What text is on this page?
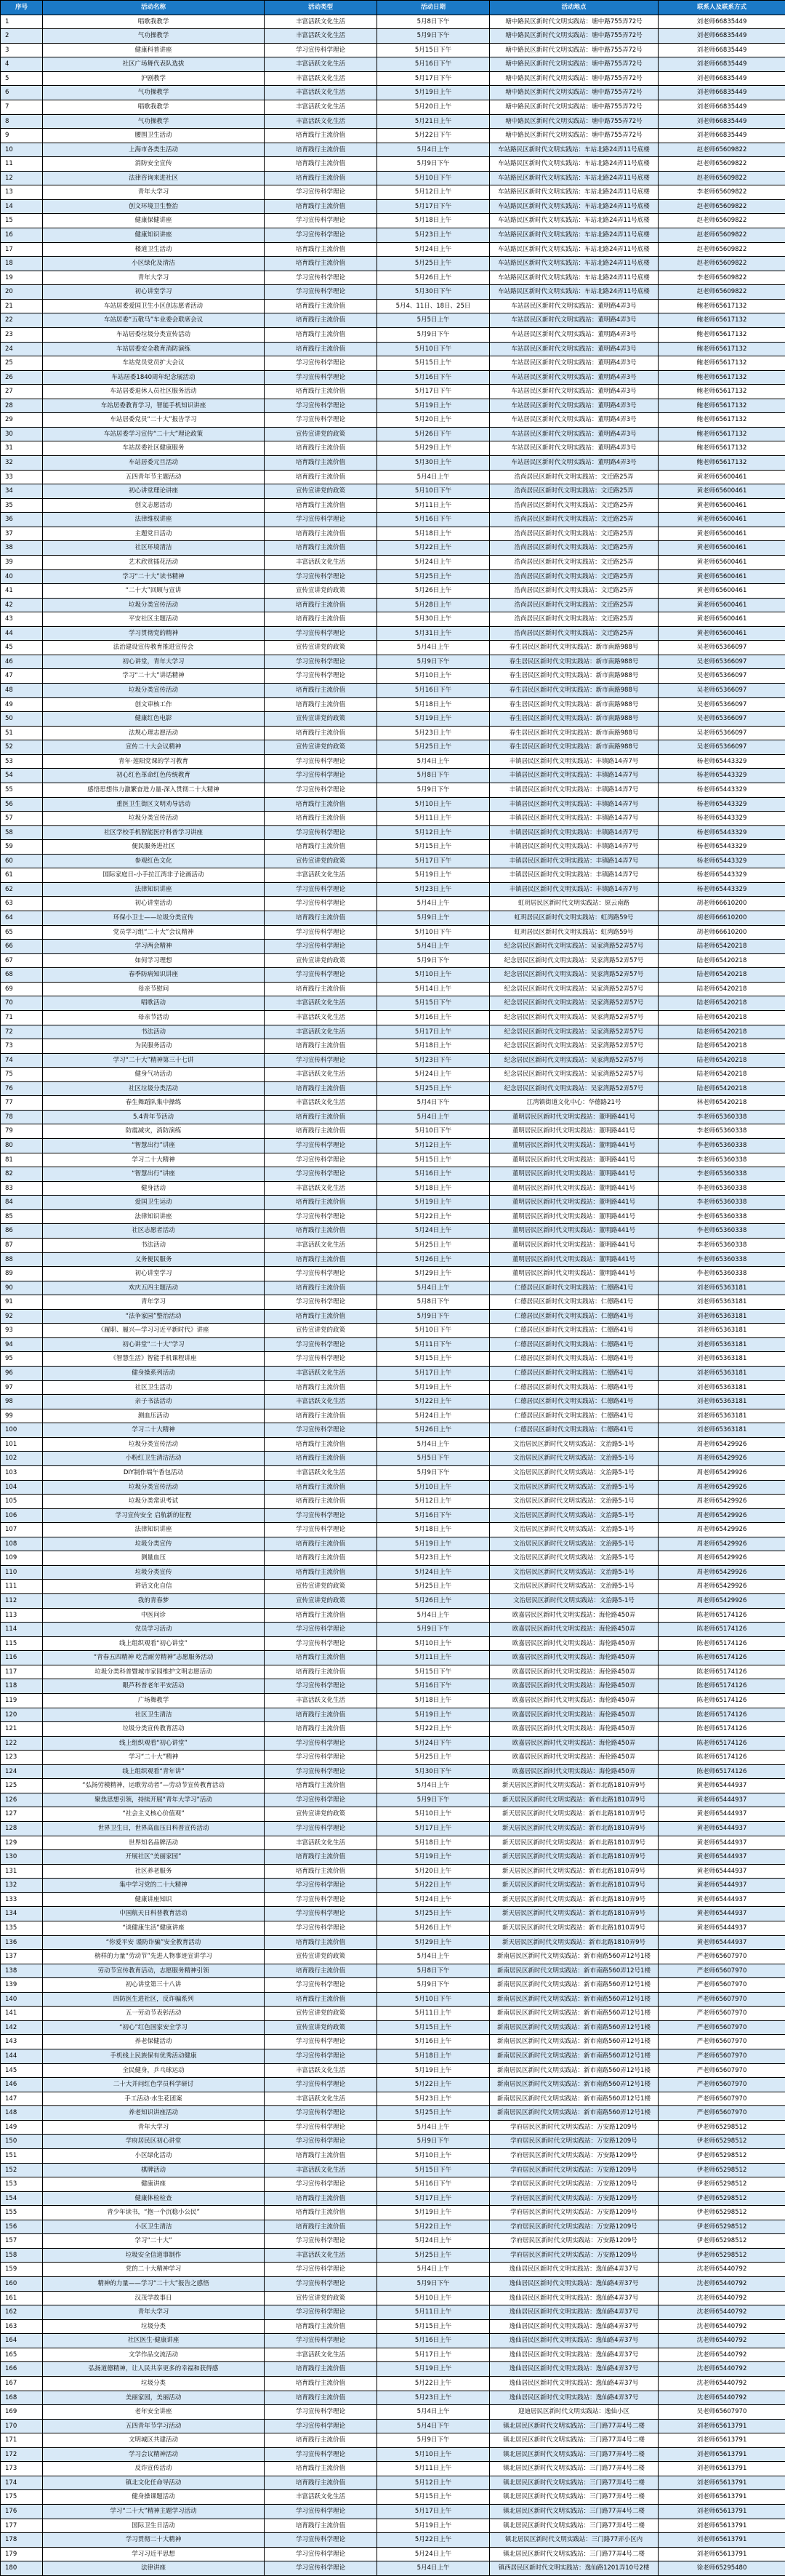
序号	活动名称	活动类型	活动日期	活动地点	联系人及联系方式
1	唱歌我教学	丰富活跃文化生活	5月8日下午	塘中路民区新时代文明实践站：塘中路755弄72号	刘老师66835449
2	气功操教学	丰富活跃文化生活	5月9日下午	塘中路民区新时代文明实践站：塘中路755弄72号	刘老师66835449
3	健康科普讲座	学习宣传科学理论	5月15日下午	塘中路民区新时代文明实践站：塘中路755弄72号	刘老师66835449
4	社区广场舞代表队选拔	丰富活跃文化生活	5月16日下午	塘中路民区新时代文明实践站：塘中路755弄72号	刘老师66835449
5	沪剧教学	丰富活跃文化生活	5月17日下午	塘中路民区新时代文明实践站：塘中路755弄72号	刘老师66835449
6	气功操教学	丰富活跃文化生活	5月19日上午	塘中路民区新时代文明实践站：塘中路755弄72号	刘老师66835449
7	唱歌我教学	丰富活跃文化生活	5月20日上午	塘中路民区新时代文明实践站：塘中路755弄72号	刘老师66835449
8	气功操教学	丰富活跃文化生活	5月21日上午	塘中路民区新时代文明实践站：塘中路755弄72号	刘老师66835449
9	腰围卫生活动	培育践行主流价值	5月22日下午	塘中路民区新时代文明实践站：塘中路755弄72号	刘老师66835449
10	上海市各类生活动	培育践行主流价值	5月4日上午	车站路民区新时代文明实践站：车站北路24弄11号底楼	赵老师65609822
11	消防安全宣传	培育践行主流价值	5月9日下午	车站路民区新时代文明实践站：车站北路24弄11号底楼	赵老师65609822
12	法律咨询来进社区	培育践行主流价值	5月10日下午	车站路民区新时代文明实践站：车站北路24弄11号底楼	赵老师65609822
13	青年大学习	学习宣传科学理论	5月12日上午	车站路民区新时代文明实践站：车站北路24弄11号底楼	李老师65609822
14	创文环境卫生整治	培育践行主流价值	5月17日下午	车站路民区新时代文明实践站：车站北路24弄11号底楼	赵老师65609822
15	健康保健讲座	学习宣传科学理论	5月18日上午	车站路民区新时代文明实践站：车站北路24弄11号底楼	赵老师65609822
16	健康知识讲座	学习宣传科学理论	5月23日上午	车站路民区新时代文明实践站：车站北路24弄11号底楼	赵老师65609822
17	楼道卫生活动	培育践行主流价值	5月24日上午	车站路民区新时代文明实践站：车站北路24弄11号底楼	赵老师65609822
18	小区绿化及清洁	培育践行主流价值	5月25日上午	车站路民区新时代文明实践站：车站北路24弄11号底楼	赵老师65609822
19	青年大学习	学习宣传科学理论	5月26日上午	车站路民区新时代文明实践站：车站北路24弄11号底楼	李老师65609822
20	初心讲堂学习	学习宣传科学理论	5月30日下午	车站路民区新时代文明实践站：车站北路24弄11号底楼	赵老师65609822
21	车站居委爱国卫生小区创志愿者活动	培育践行主流价值	5月4、11日、18日、25日	车站居民区新时代文明实践站：董明路4弄3号	鲍老师65617132
22	车站居委“五敬马”车业委会联席会议	培育践行主流价值	5月5日上午	车站居民区新时代文明实践站：董明路4弄3号	鲍老师65617132
23	车站居委垃圾分类宣传活动	培育践行主流价值	5月9日下午	车站居民区新时代文明实践站：董明路4弄3号	鲍老师65617132
24	车站居委安全教育消防演练	培育践行主流价值	5月10日下午	车站居民区新时代文明实践站：董明路4弄3号	鲍老师65617132
25	车站党员党员扩大会议	学习宣传科学理论	5月15日上午	车站居民区新时代文明实践站：董明路4弄3号	鲍老师65617132
26	车站居委1840周年纪念展活动	学习宣传科学理论	5月16日下午	车站居民区新时代文明实践站：董明路4弄3号	鲍老师65617132
27	车站居委退休人员社区服务活动	培育践行主流价值	5月17日下午	车站居民区新时代文明实践站：董明路4弄3号	鲍老师65617132
28	车站居委教育学习，智能手机知识讲座	学习宣传科学理论	5月19日上午	车站居民区新时代文明实践站：董明路4弄3号	鲍老师65617132
29	车站居委党员“二十大”报告学习	学习宣传科学理论	5月20日上午	车站居民区新时代文明实践站：董明路4弄3号	鲍老师65617132
30	车站居委学习宣传“二十大”理论政策	宣传宣讲党的政策	5月26日下午	车站居民区新时代文明实践站：董明路4弄3号	鲍老师65617132
31	车站居委社区健康服务	培育践行主流价值	5月29日上午	车站居民区新时代文明实践站：董明路4弄3号	鲍老师65617132
32	车站居委元旦活动	培育践行主流价值	5月30日上午	车站居民区新时代文明实践站：董明路4弄3号	鲍老师65617132
33	五四青年节主题活动	培育践行主流价值	5月4日上午	浩尚居民区新时代文明实践站：文迁路25弄	黄老师65600461
34	初心讲堂理论讲座	宣传宣讲党的政策	5月10日下午	浩尚居民区新时代文明实践站：文迁路25弄	黄老师65600461
35	创文志愿活动	培育践行主流价值	5月11日上午	浩尚居民区新时代文明实践站：文迁路25弄	黄老师65600461
36	法律维权讲座	学习宣传科学理论	5月16日下午	浩尚居民区新时代文明实践站：文迁路25弄	黄老师65600461
37	主题党日活动	培育践行主流价值	5月18日上午	浩尚居民区新时代文明实践站：文迁路25弄	黄老师65600461
38	社区环境清洁	培育践行主流价值	5月22日上午	浩尚居民区新时代文明实践站：文迁路25弄	黄老师65600461
39	艺术欣赏插花活动	丰富活跃文化生活	5月24日上午	浩尚居民区新时代文明实践站：文迁路25弄	黄老师65600461
40	学习“二十大”读书精神	学习宣传科学理论	5月25日上午	浩尚居民区新时代文明实践站：文迁路25弄	黄老师65600461
41	“二十大”回顾与宣讲	宣传宣讲党的政策	5月26日上午	浩尚居民区新时代文明实践站：文迁路25弄	黄老师65600461
42	垃圾分类宣传活动	培育践行主流价值	5月28日上午	浩尚居民区新时代文明实践站：文迁路25弄	黄老师65600461
43	平安社区主题活动	培育践行主流价值	5月30日上午	浩尚居民区新时代文明实践站：文迁路25弄	黄老师65600461
44	学习贯彻党的精神	学习宣传科学理论	5月31日上午	浩尚居民区新时代文明实践站：文迁路25弄	黄老师65600461
45	法治建设宣传教育推进宣传会	宣传宣讲党的政策	5月4日上午	春生居民区新时代文明实践站：新市南路988号	吴老师65366097
46	初心讲堂，青年大学习	学习宣传科学理论	5月9日下午	春生居民区新时代文明实践站：新市南路988号	吴老师65366097
47	学习“二十大”讲话精神	学习宣传科学理论	5月10日上午	春生居民区新时代文明实践站：新市南路988号	吴老师65366097
48	垃圾分类宣传活动	培育践行主流价值	5月16日下午	春生居民区新时代文明实践站：新市南路988号	吴老师65366097
49	创文审核工作	培育践行主流价值	5月18日上午	春生居民区新时代文明实践站：新市南路988号	吴老师65366097
50	健康红色电影	宣传宣讲党的政策	5月19日上午	春生居民区新时代文明实践站：新市南路988号	吴老师65366097
51	法规心理志愿活动	培育践行主流价值	5月23日上午	春生居民区新时代文明实践站：新市南路988号	吴老师65366097
52	宣传二十大会议精神	宣传宣讲党的政策	5月25日上午	春生居民区新时代文明实践站：新市南路988号	吴老师65366097
53	青年·莲阳党课的学习教育	学习宣传科学理论	5月4日上午	丰镇居民区新时代文明实践站：丰镇路14弄7号	杨老师65443329
54	初心红色革命红色传统教育	学习宣传科学理论	5月8日下午	丰镇居民区新时代文明实践站：丰镇路14弄7号	杨老师65443329
55	感悟思想伟力激繁奋进力量-深入贯彻二十大精神	学习宣传科学理论	5月9日下午	丰镇居民区新时代文明实践站：丰镇路14弄7号	杨老师65443329
56	重医卫生街区文明劝导活动	培育践行主流价值	5月10日上午	丰镇居民区新时代文明实践站：丰镇路14弄7号	杨老师65443329
57	垃圾分类宣传活动	培育践行主流价值	5月11日上午	丰镇居民区新时代文明实践站：丰镇路14弄7号	杨老师65443329
58	社区学校手机智能医疗科普学习讲座	学习宣传科学理论	5月12日上午	丰镇居民区新时代文明实践站：丰镇路14弄7号	杨老师65443329
59	便民服务进社区	培育践行主流价值	5月15日上午	丰镇居民区新时代文明实践站：丰镇路14弄7号	杨老师65443329
60	参观红色文化	宣传宣讲党的政策	5月17日下午	丰镇居民区新时代文明实践站：丰镇路14弄7号	杨老师65443329
61	国际家庭日-小手拉江湾非子论画活动	丰富活跃文化生活	5月19日上午	丰镇居民区新时代文明实践站：丰镇路14弄7号	杨老师65443329
62	法律知识讲座	学习宣传科学理论	5月23日上午	丰镇居民区新时代文明实践站：丰镇路14弄7号	杨老师65443329
63	初心讲堂活动	学习宣传科学理论	5月4日上午	虹玥居民区新时代文明实践站：原云南路	胡老师66610200
64	环保小卫士——垃圾分类宣传	培育践行主流价值	5月9日上午	虹玥居民区新时代文明实践站：虹湾路59号	胡老师66610200
65	党员学习组“二十大”会议精神	学习宣传科学理论	5月10日下午	虹玥居民区新时代文明实践站：虹湾路59号	胡老师66610200
66	学习两会精神	学习宣传科学理论	5月4日上午	纪念居民区新时代文明实践站：吴家湾路52弄57号	陆老师65420218
67	如何学习理想	宣传宣讲党的政策	5月9日下午	纪念居民区新时代文明实践站：吴家湾路52弄57号	陆老师65420218
68	春季防病知识讲座	学习宣传科学理论	5月10日上午	纪念居民区新时代文明实践站：吴家湾路52弄57号	陆老师65420218
69	母亲节慰问	培育践行主流价值	5月14日上午	纪念居民区新时代文明实践站：吴家湾路52弄57号	陆老师65420218
70	唱歌活动	丰富活跃文化生活	5月15日下午	纪念居民区新时代文明实践站：吴家湾路52弄57号	陆老师65420218
71	母亲节活动	丰富活跃文化生活	5月16日上午	纪念居民区新时代文明实践站：吴家湾路52弄57号	陆老师65420218
72	书法活动	丰富活跃文化生活	5月17日上午	纪念居民区新时代文明实践站：吴家湾路52弄57号	陆老师65420218
73	为民服务活动	培育践行主流价值	5月18日上午	纪念居民区新时代文明实践站：吴家湾路52弄57号	陆老师65420218
74	学习“二十大”精神第三十七讲	学习宣传科学理论	5月23日下午	纪念居民区新时代文明实践站：吴家湾路52弄57号	陆老师65420218
75	健身气功活动	丰富活跃文化生活	5月24日上午	纪念居民区新时代文明实践站：吴家湾路52弄57号	陆老师65420218
76	社区垃圾分类活动	培育践行主流价值	5月25日上午	纪念居民区新时代文明实践站：吴家湾路52弄57号	陆老师65420218
77	春生舞蹈队集中操练	丰富活跃文化生活	5月4日下午	江湾镇街道文化中心：华德路21号	林老师65420218
78	5.4青年节活动	培育践行主流价值	5月4日上午	董明居民区新时代文明实践站：董明路441号	李老师65360338
79	防震减灾，消防演练	培育践行主流价值	5月10日下午	董明居民区新时代文明实践站：董明路441号	李老师65360338
80	“智慧出行”讲座	学习宣传科学理论	5月12日上午	董明居民区新时代文明实践站：董明路441号	李老师65360338
81	学习二十大精神	学习宣传科学理论	5月15日上午	董明居民区新时代文明实践站：董明路441号	李老师65360338
82	“智慧出行”讲座	学习宣传科学理论	5月16日上午	董明居民区新时代文明实践站：董明路441号	李老师65360338
83	健身活动	丰富活跃文化生活	5月18日上午	董明居民区新时代文明实践站：董明路441号	李老师65360338
84	爱国卫生运动	培育践行主流价值	5月19日上午	董明居民区新时代文明实践站：董明路441号	李老师65360338
85	法律知识讲座	学习宣传科学理论	5月22日上午	董明居民区新时代文明实践站：董明路441号	李老师65360338
86	社区志愿者活动	培育践行主流价值	5月24日上午	董明居民区新时代文明实践站：董明路441号	李老师65360338
87	书法活动	丰富活跃文化生活	5月25日上午	董明居民区新时代文明实践站：董明路441号	李老师65360338
88	义务便民服务	培育践行主流价值	5月26日上午	董明居民区新时代文明实践站：董明路441号	李老师65360338
89	初心讲堂学习	学习宣传科学理论	5月29日上午	董明居民区新时代文明实践站：董明路441号	李老师65360338
90	欢庆五四主题活动	培育践行主流价值	5月4日上午	仁德居民区新时代文明实践站：仁德路41号	刘老师65363181
91	青年学习	学习宣传科学理论	5月8日下午	仁德居民区新时代文明实践站：仁德路41号	刘老师65363181
92	“法争家园”整治活动	培育践行主流价值	5月9日下午	仁德居民区新时代文明实践站：仁德路41号	刘老师65363181
93	《履职、履兴—学习习近平新时代》讲座	宣传宣讲党的政策	5月10日下午	仁德居民区新时代文明实践站：仁德路41号	刘老师65363181
94	初心讲堂“二十大”学习	学习宣传科学理论	5月11日下午	仁德居民区新时代文明实践站：仁德路41号	刘老师65363181
95	《智慧生活》智能手机课程讲座	学习宣传科学理论	5月15日上午	仁德居民区新时代文明实践站：仁德路41号	刘老师65363181
96	健身操系列活动	丰富活跃文化生活	5月17日上午	仁德居民区新时代文明实践站：仁德路41号	刘老师65363181
97	社区卫生活动	培育践行主流价值	5月19日上午	仁德居民区新时代文明实践站：仁德路41号	刘老师65363181
98	亲子书法活动	丰富活跃文化生活	5月22日上午	仁德居民区新时代文明实践站：仁德路41号	刘老师65363181
99	测血压活动	培育践行主流价值	5月24日上午	仁德居民区新时代文明实践站：仁德路41号	刘老师65363181
100	学习二十大精神	学习宣传科学理论	5月26日上午	仁德居民区新时代文明实践站：仁德路41号	刘老师65363181
101	垃圾分类宣传活动	培育践行主流价值	5月4日上午	文治居民区新时代文明实践站：文治路5-1号	周老师65429926
102	小粉红卫生清洁活动	培育践行主流价值	5月5日下午	文治居民区新时代文明实践站：文治路5-1号	周老师65429926
103	DIY制作端午香包活动	丰富活跃文化生活	5月9日下午	文治居民区新时代文明实践站：文治路5-1号	周老师65429926
104	垃圾分类宣传活动	培育践行主流价值	5月10日上午	文治居民区新时代文明实践站：文治路5-1号	周老师65429926
105	垃圾分类常识考试	培育践行主流价值	5月12日上午	文治居民区新时代文明实践站：文治路5-1号	周老师65429926
106	学习宣传安全 启航新的征程	学习宣传科学理论	5月16日下午	文治居民区新时代文明实践站：文治路5-1号	周老师65429926
107	法律知识讲座	学习宣传科学理论	5月18日上午	文治居民区新时代文明实践站：文治路5-1号	周老师65429926
108	垃圾分类宣传	培育践行主流价值	5月19日上午	文治居民区新时代文明实践站：文治路5-1号	周老师65429926
109	测量血压	培育践行主流价值	5月23日上午	文治居民区新时代文明实践站：文治路5-1号	周老师65429926
110	垃圾分类宣传	培育践行主流价值	5月24日上午	文治居民区新时代文明实践站：文治路5-1号	周老师65429926
111	讲话文化自信	宣传宣讲党的政策	5月25日上午	文治居民区新时代文明实践站：文治路5-1号	周老师65429926
112	我的青春梦	宣传宣讲党的政策	5月26日上午	文治居民区新时代文明实践站：文治路5-1号	周老师65429926
113	中医问诊	培育践行主流价值	5月4日上午	欧嘉居民区新时代文明实践站：海伦路450弄	陈老师65174126
114	党员学习活动	学习宣传科学理论	5月9日下午	欧嘉居民区新时代文明实践站：海伦路450弄	陈老师65174126
115	线上组织观看“初心讲堂”	学习宣传科学理论	5月10日上午	欧嘉居民区新时代文明实践站：海伦路450弄	陈老师65174126
116	“青春五四精神 吃苦耐劳精神”志愿服务活动	培育践行主流价值	5月11日上午	欧嘉居民区新时代文明实践站：海伦路450弄	陈老师65174126
117	垃圾分类科普暨城市家园维护文明志愿活动	培育践行主流价值	5月15日下午	欧嘉居民区新时代文明实践站：海伦路450弄	陈老师65174126
118	眼芦科普老年平安活动	学习宣传科学理论	5月16日下午	欧嘉居民区新时代文明实践站：海伦路450弄	陈老师65174126
119	广场舞教学	丰富活跃文化生活	5月18日上午	欧嘉居民区新时代文明实践站：海伦路450弄	陈老师65174126
120	社区卫生清洁	培育践行主流价值	5月19日上午	欧嘉居民区新时代文明实践站：海伦路450弄	陈老师65174126
121	垃圾分类宣传教育活动	培育践行主流价值	5月22日上午	欧嘉居民区新时代文明实践站：海伦路450弄	陈老师65174126
122	线上组织观看“初心讲堂”	学习宣传科学理论	5月24日下午	欧嘉居民区新时代文明实践站：海伦路450弄	陈老师65174126
123	学习“二十大”精神	学习宣传科学理论	5月25日上午	欧嘉居民区新时代文明实践站：海伦路450弄	陈老师65174126
124	线上组织观看“青年讲”	学习宣传科学理论	5月30日下午	欧嘉居民区新时代文明实践站：海伦路450弄	陈老师65174126
125	“弘扬劳模精神，运歌劳动者”—劳动节宣传教育活动	培育践行主流价值	5月4日上午	新天居民区新时代文明实践站：新市北路1810弄9号	黄老师65444937
126	聚焦思想引领，持续开展“青年大学习”活动	学习宣传科学理论	5月9日下午	新天居民区新时代文明实践站：新市北路1810弄9号	黄老师65444937
127	“社会主义核心价值观”	宣传宣讲党的政策	5月10日上午	新天居民区新时代文明实践站：新市北路1810弄9号	黄老师65444937
128	世界卫生日，世界高血压日科普宣传活动	学习宣传科学理论	5月17日上午	新天居民区新时代文明实践站：新市北路1810弄9号	黄老师65444937
129	世界知名品牌活动	丰富活跃文化生活	5月18日上午	新天居民区新时代文明实践站：新市北路1810弄9号	黄老师65444937
130	开展社区“美丽家园”	培育践行主流价值	5月19日上午	新天居民区新时代文明实践站：新市北路1810弄9号	黄老师65444937
131	社区养老服务	培育践行主流价值	5月20日上午	新天居民区新时代文明实践站：新市北路1810弄9号	黄老师65444937
132	集中学习党的二十大精神	学习宣传科学理论	5月22日上午	新天居民区新时代文明实践站：新市北路1810弄9号	黄老师65444937
133	健康讲座知识	学习宣传科学理论	5月24日上午	新天居民区新时代文明实践站：新市北路1810弄9号	黄老师65444937
134	中国航天日科普教育活动	学习宣传科学理论	5月25日上午	新天居民区新时代文明实践站：新市北路1810弄9号	黄老师65444937
135	“谈健康生活”健康讲座	学习宣传科学理论	5月26日上午	新天居民区新时代文明实践站：新市北路1810弄9号	黄老师65444937
136	“你爱平安 谨防诈骗”安全教育活动	培育践行主流价值	5月29日上午	新天居民区新时代文明实践站：新市北路1810弄9号	黄老师65444937
137	榜样的力量“劳动节”先进人物事迹宣讲学习	宣传宣讲党的政策	5月4日上午	新南居民区新时代文明实践站：新市南路560弄12号1楼	严老师65607970
138	劳动节宣传教育活动，志愿服务精神引领	培育践行主流价值	5月8日下午	新南居民区新时代文明实践站：新市南路560弄12号1楼	严老师65607970
139	初心讲堂第三十八讲	学习宣传科学理论	5月9日下午	新南居民区新时代文明实践站：新市南路560弄12号1楼	严老师65607970
140	四防医生进社区，反诈骗系列	培育践行主流价值	5月10日下午	新南居民区新时代文明实践站：新市南路560弄12号1楼	严老师65607970
141	五一劳动节表彰活动	宣传宣讲党的政策	5月11日上午	新南居民区新时代文明实践站：新市南路560弄12号1楼	严老师65607970
142	“初心”红色国家安全学习	宣传宣讲党的政策	5月15日上午	新南居民区新时代文明实践站：新市南路560弄12号1楼	严老师65607970
143	养老保健活动	学习宣传科学理论	5月16日上午	新南居民区新时代文明实践站：新市南路560弄12号1楼	严老师65607970
144	手机线上民族保有优秀活动健康	学习宣传科学理论	5月18日上午	新南居民区新时代文明实践站：新市南路560弄12号1楼	严老师65607970
145	全民健身，乒乓球运动	丰富活跃文化生活	5月19日上午	新南居民区新时代文明实践站：新市南路560弄12号1楼	严老师65607970
146	二十大并问红色学员科学研讨	学习宣传科学理论	5月22日上午	新南居民区新时代文明实践站：新市南路560弄12号1楼	严老师65607970
147	手工活动·水生花团案	丰富活跃文化生活	5月23日上午	新南居民区新时代文明实践站：新市南路560弄12号1楼	严老师65607970
148	养老知识讲座活动	学习宣传科学理论	5月25日上午	新南居民区新时代文明实践站：新市南路560弄12号1楼	严老师65607970
149	青年大学习	学习宣传科学理论	5月4日上午	学府居民区新时代文明实践站：万安路1209号	伊老师65298512
150	学府居民区初心讲堂	学习宣传科学理论	5月9日下午	学府居民区新时代文明实践站：万安路1209号	伊老师65298512
151	小区绿化活动	培育践行主流价值	5月10日上午	学府居民区新时代文明实践站：万安路1209号	伊老师65298512
152	棋牌活动	丰富活跃文化生活	5月15日下午	学府居民区新时代文明实践站：万安路1209号	伊老师65298512
153	健康讲座	学习宣传科学理论	5月16日下午	学府居民区新时代文明实践站：万安路1209号	伊老师65298512
154	健康体检检查	培育践行主流价值	5月17日上午	学府居民区新时代文明实践站：万安路1209号	伊老师65298512
155	青少年读书，“抱一个沉稳小公民”	培育践行主流价值	5月19日上午	学府居民区新时代文明实践站：万安路1209号	伊老师65298512
156	小区卫生清洁	培育践行主流价值	5月22日上午	学府居民区新时代文明实践站：万安路1209号	伊老师65298512
157	学习“二十大”	学习宣传科学理论	5月24日上午	学府居民区新时代文明实践站：万安路1209号	伊老师65298512
158	垃圾安全信道事制作	丰富活跃文化生活	5月25日上午	学府居民区新时代文明实践站：万安路1209号	伊老师65298512
159	党的二十大精神学习	学习宣传科学理论	5月4日上午	逸仙居民区新时代文明实践站：逸仙路4弄37号	沈老师65440792
160	精神的力量——学习“二十大”报告之感悟	学习宣传科学理论	5月9日下午	逸仙居民区新时代文明实践站：逸仙路4弄37号	沈老师65440792
161	汉茂学故事日	宣传宣讲党的政策	5月10日上午	逸仙居民区新时代文明实践站：逸仙路4弄37号	沈老师65440792
162	青年大学习	学习宣传科学理论	5月11日上午	逸仙居民区新时代文明实践站：逸仙路4弄37号	沈老师65440792
163	垃圾分类	培育践行主流价值	5月15日上午	逸仙居民区新时代文明实践站：逸仙路4弄37号	沈老师65440792
164	社区医生·健康讲座	学习宣传科学理论	5月16日上午	逸仙居民区新时代文明实践站：逸仙路4弄37号	沈老师65440792
165	文学作品交流活动	丰富活跃文化生活	5月17日上午	逸仙居民区新时代文明实践站：逸仙路4弄37号	沈老师65440792
166	弘扬道德精神，让人民共享更多的幸福和获得感	培育践行主流价值	5月19日上午	逸仙居民区新时代文明实践站：逸仙路4弄37号	沈老师65440792
167	垃圾分类	培育践行主流价值	5月22日上午	逸仙居民区新时代文明实践站：逸仙路4弄37号	沈老师65440792
168	美丽家园，美丽活动	培育践行主流价值	5月23日上午	逸仙居民区新时代文明实践站：逸仙路4弄37号	沈老师65440792
169	老年安全讲座	学习宣传科学理论	5月4日上午	迎迪居民区新时代文明实践站：逸仙小区	吴老师65607970
170	五四青年节学习活动	学习宣传科学理论	5月4日下午	镇北居民区新时代文明实践站：三门路77弄4号二楼	刘老师65613791
171	文明城区共建活动	培育践行主流价值	5月9日下午	镇北居民区新时代文明实践站：三门路77弄4号二楼	刘老师65613791
172	学习会议精神活动	学习宣传科学理论	5月10日上午	镇北居民区新时代文明实践站：三门路77弄4号二楼	刘老师65613791
173	反诈宣传活动	培育践行主流价值	5月11日上午	镇北居民区新时代文明实践站：三门路77弄4号二楼	刘老师65613791
174	镇北文化任命导活动	培育践行主流价值	5月12日上午	镇北居民区新时代文明实践站：三门路77弄4号二楼	刘老师65613791
175	健身操课题活动	丰富活跃文化生活	5月15日上午	镇北居民区新时代文明实践站：三门路77弄4号二楼	刘老师65613791
176	学习“二十大”精神主题学习活动	学习宣传科学理论	5月17日上午	镇北居民区新时代文明实践站：三门路77弄4号二楼	刘老师65613791
177	国际卫生日活动	培育践行主流价值	5月19日上午	镇北居民区新时代文明实践站：三门路77弄4号二楼	刘老师65613791
178	学习贯彻二十大精神	学习宣传科学理论	5月22日上午	镇北居民区新时代文明实践站：三门路77弄小区内	刘老师65613791
179	学习习近平思想	学习宣传科学理论	5月24日上午	镇北居民区新时代文明实践站：三门路77弄4号二楼	刘老师65613791
180	法律讲座	学习宣传科学理论	5月4日上午	镇西居民区新时代文明实践站：逸仙路1201弄10号2楼	徐老师65295480
